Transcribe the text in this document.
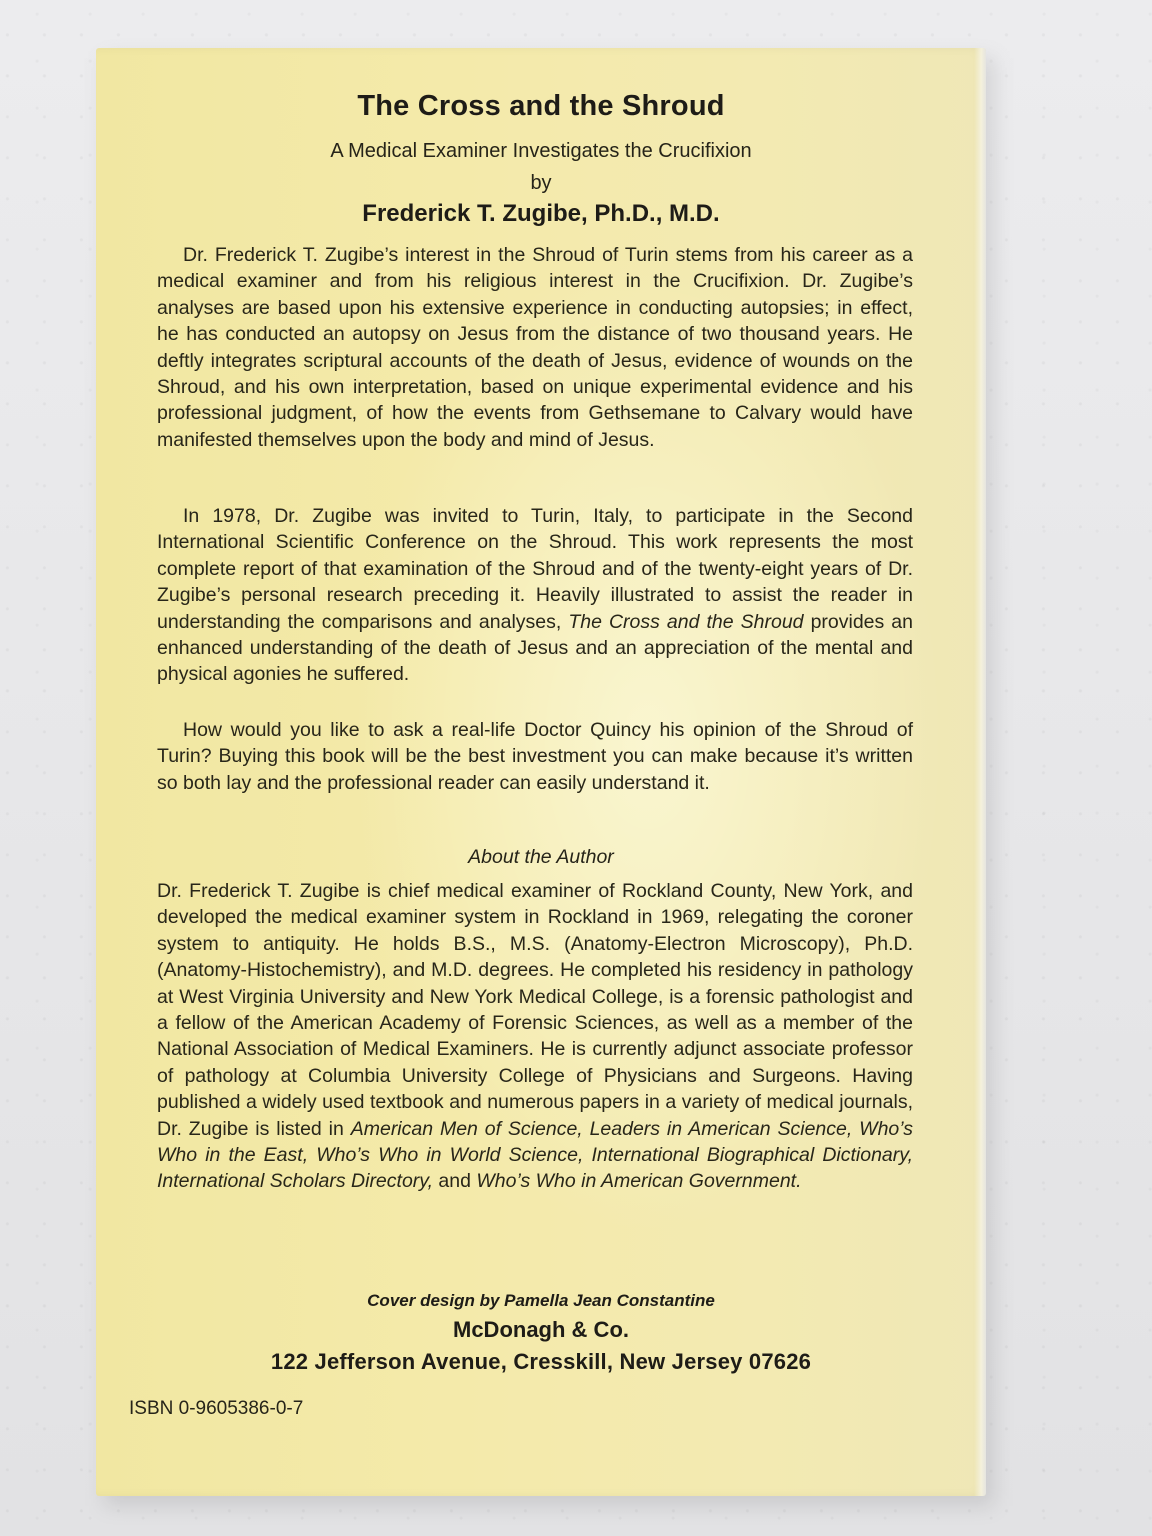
The Cross and the Shroud
A Medical Examiner Investigates the Crucifixion
by
Frederick T. Zugibe, Ph.D., M.D.

Dr. Frederick T. Zugibe’s interest in the Shroud of Turin stems from his career as a medical examiner and from his religious interest in the Crucifixion. Dr. Zugibe’s analyses are based upon his extensive experience in conducting autopsies; in effect, he has conducted an autopsy on Jesus from the distance of two thousand years. He deftly integrates scriptural accounts of the death of Jesus, evidence of wounds on the Shroud, and his own interpretation, based on unique experimental evidence and his professional judgment, of how the events from Gethsemane to Calvary would have manifested themselves upon the body and mind of Jesus.

In 1978, Dr. Zugibe was invited to Turin, Italy, to participate in the Second International Scientific Conference on the Shroud. This work represents the most complete report of that examination of the Shroud and of the twenty-eight years of Dr. Zugibe’s personal research preceding it. Heavily illustrated to assist the reader in understanding the comparisons and analyses, The Cross and the Shroud provides an enhanced understanding of the death of Jesus and an appreciation of the mental and physical agonies he suffered.

How would you like to ask a real-life Doctor Quincy his opinion of the Shroud of Turin? Buying this book will be the best investment you can make because it’s written so both lay and the professional reader can easily understand it.

About the Author

Dr. Frederick T. Zugibe is chief medical examiner of Rockland County, New York, and developed the medical examiner system in Rockland in 1969, relegating the coroner system to antiquity. He holds B.S., M.S. (Anatomy-Electron Microscopy), Ph.D. (Anatomy-Histochemistry), and M.D. degrees. He completed his residency in pathology at West Virginia University and New York Medical College, is a forensic pathologist and a fellow of the American Academy of Forensic Sciences, as well as a member of the National Association of Medical Examiners. He is currently adjunct associate professor of pathology at Columbia University College of Physicians and Surgeons. Having published a widely used textbook and numerous papers in a variety of medical journals, Dr. Zugibe is listed in American Men of Science, Leaders in American Science, Who’s Who in the East, Who’s Who in World Science, International Biographical Dictionary, International Scholars Directory, and Who’s Who in American Government.

Cover design by Pamella Jean Constantine
McDonagh & Co.
122 Jefferson Avenue, Cresskill, New Jersey 07626
ISBN 0-9605386-0-7
